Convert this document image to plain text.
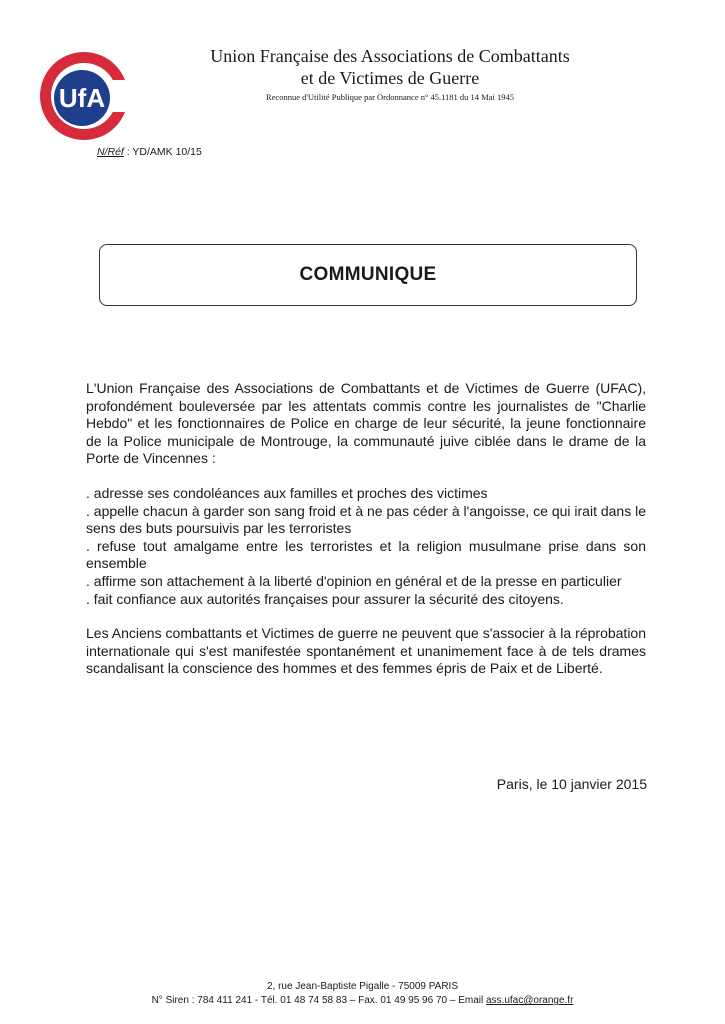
UfA
Union Française des Associations de Combattants
et de Victimes de Guerre
Reconnue d'Utilité Publique par Ordonnance n° 45.1181 du 14 Mai 1945
N/Réf : YD/AMK 10/15
COMMUNIQUE

L'Union Française des Associations de Combattants et de Victimes de Guerre (UFAC), profondément bouleversée par les attentats commis contre les journalistes de "Charlie Hebdo" et les fonctionnaires de Police en charge de leur sécurité, la jeune fonctionnaire de la Police municipale de Montrouge, la communauté juive ciblée dans le drame de la Porte de Vincennes :

. adresse ses condoléances aux familles et proches des victimes
. appelle chacun à garder son sang froid et à ne pas céder à l'angoisse, ce qui irait dans le sens des buts poursuivis par les terroristes
. refuse tout amalgame entre les terroristes et la religion musulmane prise dans son ensemble
. affirme son attachement à la liberté d'opinion en général et de la presse en particulier
. fait confiance aux autorités françaises pour assurer la sécurité des citoyens.

Les Anciens combattants et Victimes de guerre ne peuvent que s'associer à la réprobation internationale qui s'est manifestée spontanément et unanimement face à de tels drames scandalisant la conscience des hommes et des femmes épris de Paix et de Liberté.

Paris, le 10 janvier 2015
2, rue Jean-Baptiste Pigalle - 75009 PARIS
N° Siren : 784 411 241 - Tél. 01 48 74 58 83 – Fax. 01 49 95 96 70 – Email ass.ufac@orange.fr
